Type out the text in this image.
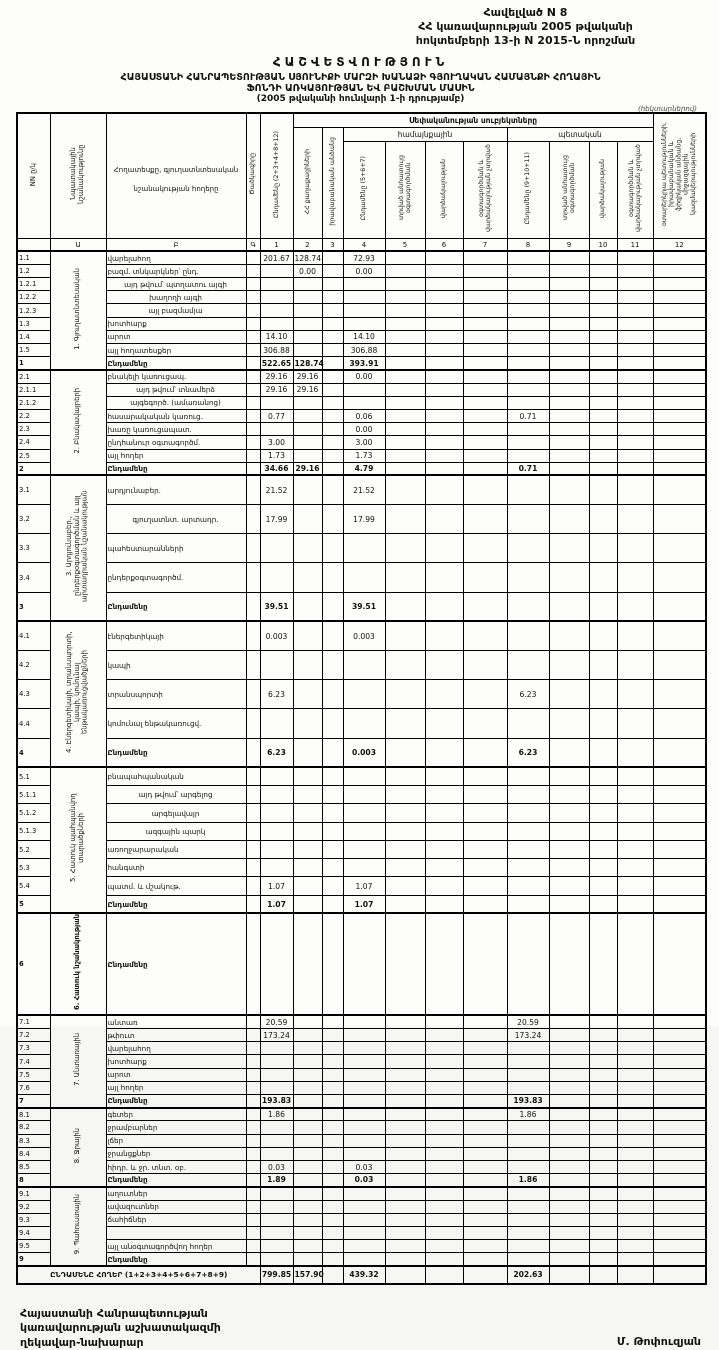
Հավելված N 8
ՀՀ կառավարության 2005 թվականի
հոկտեմբերի 13-ի N 2015-Ն որոշման
ՀԱՇՎԵՏՎՈՒԹՅՈՒՆ
ՀԱՅԱՍՏԱՆԻ ՀԱՆՐԱՊԵՏՈՒԹՅԱՆ ՍՅՈՒՆԻՔԻ ՄԱՐԶԻ ԽԱՆԱՁԻ ԳՅՈՒՂԱԿԱՆ ՀԱՄԱՅՆՔԻ ՀՈՂԱՅԻՆ
ՖՈՆԴԻ ԱՌԿԱՅՈՒԹՅԱՆ ԵՎ ԲԱՇԽՄԱՆ ՄԱՍԻՆ
(2005 թվականի հունվարի 1-ի դրությամբ)
(հեկտարներով)
NN ը/կ	Նպատակային նշանակությունը	Հողատեսքը, գյուղատնտեսական նշանակության հողերը	Ծածկագիրը	Ընդամենը (2+3+4+8+12)	Սեփականության սուբյեկտները										օտարերկրյա պետությունների, իրավաբանական և ֆիզիկական անձանց, միջազգային կազմակերպությունների
					ՀՀ քաղաքացիների	իրավաբանական անձանց	համայնքային				պետական				
							Ընդամենը (5+6+7)	տրված անհատույց օգտագործման	վարձակալության	օգտագործման և վարձակալության չտրված	Ընդամենը (9+10+11)	տրված անհատույց օգտագործման	վարձակալության	օգտագործման և վարձակալության չտրված	
	Ա	Բ	Գ	1	2	3	4	5	6	7	8	9	10	11	12
1.1	1. Գյուղատնտեսական	վարելահող		201.67	128.74		72.93								
1.2		բազմ. տնկարկներ՝ ընդ.			0.00		0.00								
1.2.1		այդ թվում՝ պտղատու այգի													
1.2.2		խաղողի այգի													
1.2.3		այլ բազմամյա													
1.3		խոտհարք													
1.4		արոտ		14.10			14.10								
1.5		այլ հողատեսքեր		306.88			306.88								
1		Ընդամենը		522.65	128.74		393.91								
2.1	2. Բնակավայրերի	բնակելի կառուցապ.		29.16	29.16		0.00								
2.1.1		այդ թվում՝ տնամերձ		29.16	29.16										
2.1.2		այգեգործ. (ամառանոց)													
2.2		հասարակական կառուց.		0.77			0.06				0.71				
2.3		խառը կառուցապատ.					0.00								
2.4		ընդհանուր օգտագործմ.		3.00			3.00								
2.5		այլ հողեր		1.73			1.73								
2		Ընդամենը		34.66	29.16		4.79				0.71				
3.1	3. Արդյունաբեր., ընդերքօգտագործման և այլ արտադրական նշանակության	արդյունաբեր.		21.52			21.52								
3.2		գյուղատնտ. արտադր.		17.99			17.99								
3.3		պահեստարանների													
3.4		ընդերքօգտագործմ.													
3		Ընդամենը		39.51			39.51								
4.1	4. Էներգետիկայի, տրանսպորտի, կապի, կոմունալ ենթակառուցվածքների	էներգետիկայի		0.003			0.003								
4.2		կապի													
4.3		տրանսպորտի		6.23							6.23				
4.4		կոմունալ ենթակառուցվ.													
4		Ընդամենը		6.23			0.003				6.23				
5.1	5. Հատուկ պահպանվող տարածքների	բնապահպանական													
5.1.1		այդ թվում՝ արգելոց													
5.1.2		արգելավայր													
5.1.3		ազգային պարկ													
5.2		առողջարարական													
5.3		հանգստի													
5.4		պատմ. և մշակութ.		1.07			1.07								
5		Ընդամենը		1.07			1.07								
6	6. Հատուկ նշանակության	Ընդամենը													
7.1	7. Անտառային	անտառ		20.59							20.59				
7.2		թփուտ		173.24							173.24				
7.3		վարելահող													
7.4		խոտհարք													
7.5		արոտ													
7.6		այլ հողեր													
7		Ընդամենը		193.83							193.83				
8.1	8. Ջրային	գետեր		1.86							1.86				
8.2		ջրամբարներ													
8.3		լճեր													
8.4		ջրանցքներ													
8.5		հիդր. և ջր. տնտ. օբ.		0.03			0.03								
8		Ընդամենը		1.89			0.03				1.86				
9.1	9. Պահուստային	աղուտներ													
9.2		ավազուտներ													
9.3		ճահիճներ													
9.4															
9.5		այլ անօգտագործվող հողեր													
9		Ընդամենը													
ԸՆԴԱՄԵՆԸ ՀՈՂԵՐ (1+2+3+4+5+6+7+8+9)				799.85	157.90		439.32				202.63				
Հայաստանի Հանրապետության
կառավարության աշխատակազմի
ղեկավար-նախարար	Մ. Թոփուզյան
